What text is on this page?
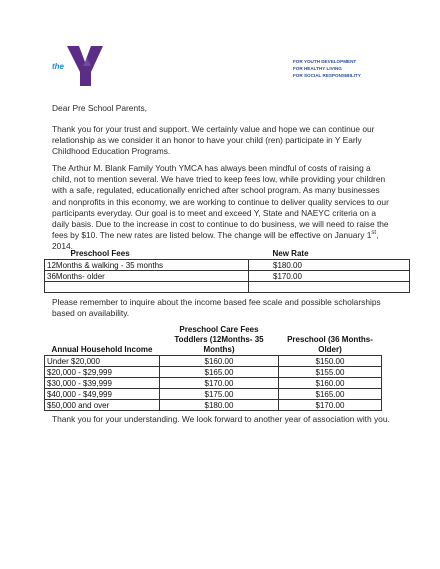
the
FOR YOUTH DEVELOPMENT
FOR HEALTHY LIVING
FOR SOCIAL RESPONSIBILITY
Dear Pre School Parents,
Thank you for your trust and support. We certainly value and hope we can continue our relationship as we consider it an honor to have your child (ren) participate in Y Early Childhood Education Programs.
The Arthur M. Blank Family Youth YMCA has always been mindful of costs of raising a child, not to mention several. We have tried to keep fees low, while providing your children with a safe, regulated, educationally enriched after school program. As many businesses and nonprofits in this economy, we are working to continue to deliver quality services to our participants everyday. Our goal is to meet and exceed Y, State and NAEYC criteria on a daily basis. Due to the increase in cost to continue to do business, we will need to raise the fees by $10. The new rates are listed below. The change will be effective on January 1st, 2014.
Preschool Fees	New Rate
12Months & walking - 35 months	$180.00
36Months- older	$170.00

Please remember to inquire about the income based fee scale and possible scholarships based on availability.
	Preschool Care Fees	
Annual Household Income	Toddlers (12Months- 35 Months)	Preschool (36 Months- Older)
Under $20,000	$160.00	$150.00
$20,000 - $29,999	$165.00	$155.00
$30,000 - $39,999	$170.00	$160.00
$40,000 - $49,999	$175.00	$165.00
$50,000 and over	$180.00	$170.00
Thank you for your understanding. We look forward to another year of association with you.
